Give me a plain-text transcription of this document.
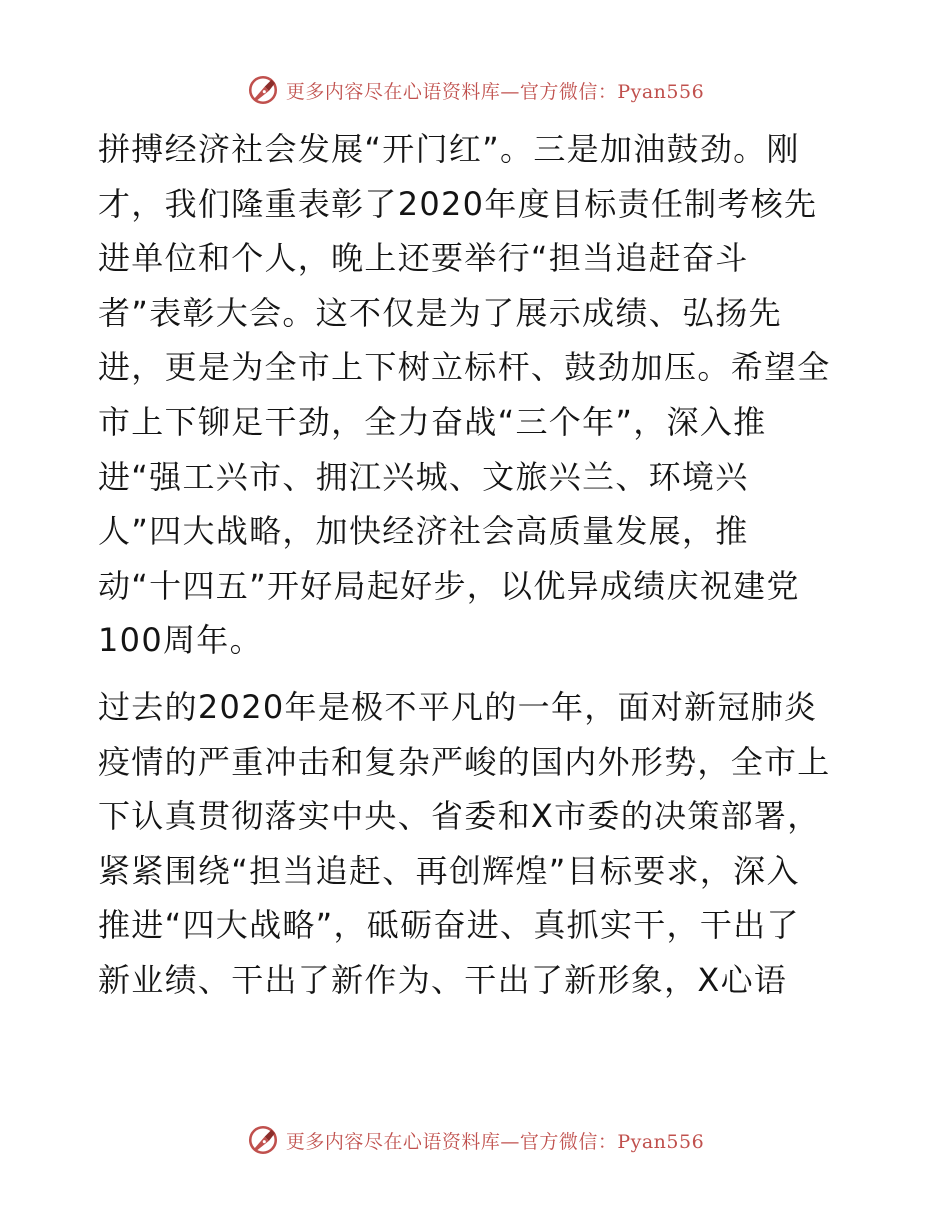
更多内容尽在心语资料库—官方微信：Pyan556
拼搏经济社会发展“开门红”。三是加油鼓劲。刚
才，我们隆重表彰了2020年度目标责任制考核先
进单位和个人，晚上还要举行“担当追赶奋斗
者”表彰大会。这不仅是为了展示成绩、弘扬先
进，更是为全市上下树立标杆、鼓劲加压。希望全
市上下铆足干劲，全力奋战“三个年”，深入推
进“强工兴市、拥江兴城、文旅兴兰、环境兴
人”四大战略，加快经济社会高质量发展，推
动“十四五”开好局起好步，以优异成绩庆祝建党
100周年。
过去的2020年是极不平凡的一年，面对新冠肺炎
疫情的严重冲击和复杂严峻的国内外形势，全市上
下认真贯彻落实中央、省委和X市委的决策部署，
紧紧围绕“担当追赶、再创辉煌”目标要求，深入
推进“四大战略”，砥砺奋进、真抓实干，干出了
新业绩、干出了新作为、干出了新形象，X心语
更多内容尽在心语资料库—官方微信：Pyan556
